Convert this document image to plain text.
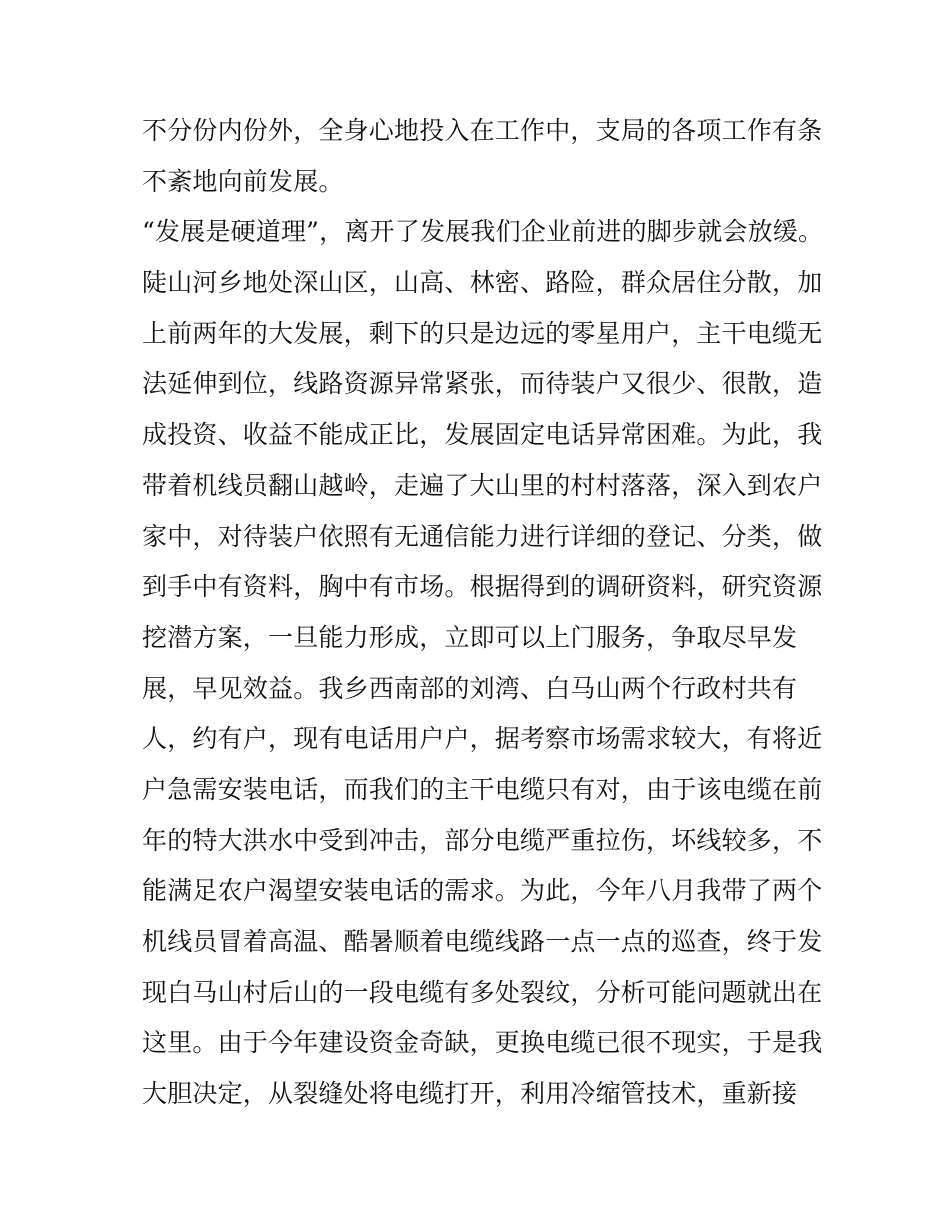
不分份内份外，全身心地投入在工作中，支局的各项工作有条
不紊地向前发展。
“发展是硬道理”，离开了发展我们企业前进的脚步就会放缓。
陡山河乡地处深山区，山高、林密、路险，群众居住分散，加
上前两年的大发展，剩下的只是边远的零星用户，主干电缆无
法延伸到位，线路资源异常紧张，而待装户又很少、很散，造
成投资、收益不能成正比，发展固定电话异常困难。为此，我
带着机线员翻山越岭，走遍了大山里的村村落落，深入到农户
家中，对待装户依照有无通信能力进行详细的登记、分类，做
到手中有资料，胸中有市场。根据得到的调研资料，研究资源
挖潜方案，一旦能力形成，立即可以上门服务，争取尽早发
展，早见效益。我乡西南部的刘湾、白马山两个行政村共有
人，约有户，现有电话用户户，据考察市场需求较大，有将近
户急需安装电话，而我们的主干电缆只有对，由于该电缆在前
年的特大洪水中受到冲击，部分电缆严重拉伤，坏线较多，不
能满足农户渴望安装电话的需求。为此，今年八月我带了两个
机线员冒着高温、酷暑顺着电缆线路一点一点的巡查，终于发
现白马山村后山的一段电缆有多处裂纹，分析可能问题就出在
这里。由于今年建设资金奇缺，更换电缆已很不现实，于是我
大胆决定，从裂缝处将电缆打开，利用冷缩管技术，重新接
